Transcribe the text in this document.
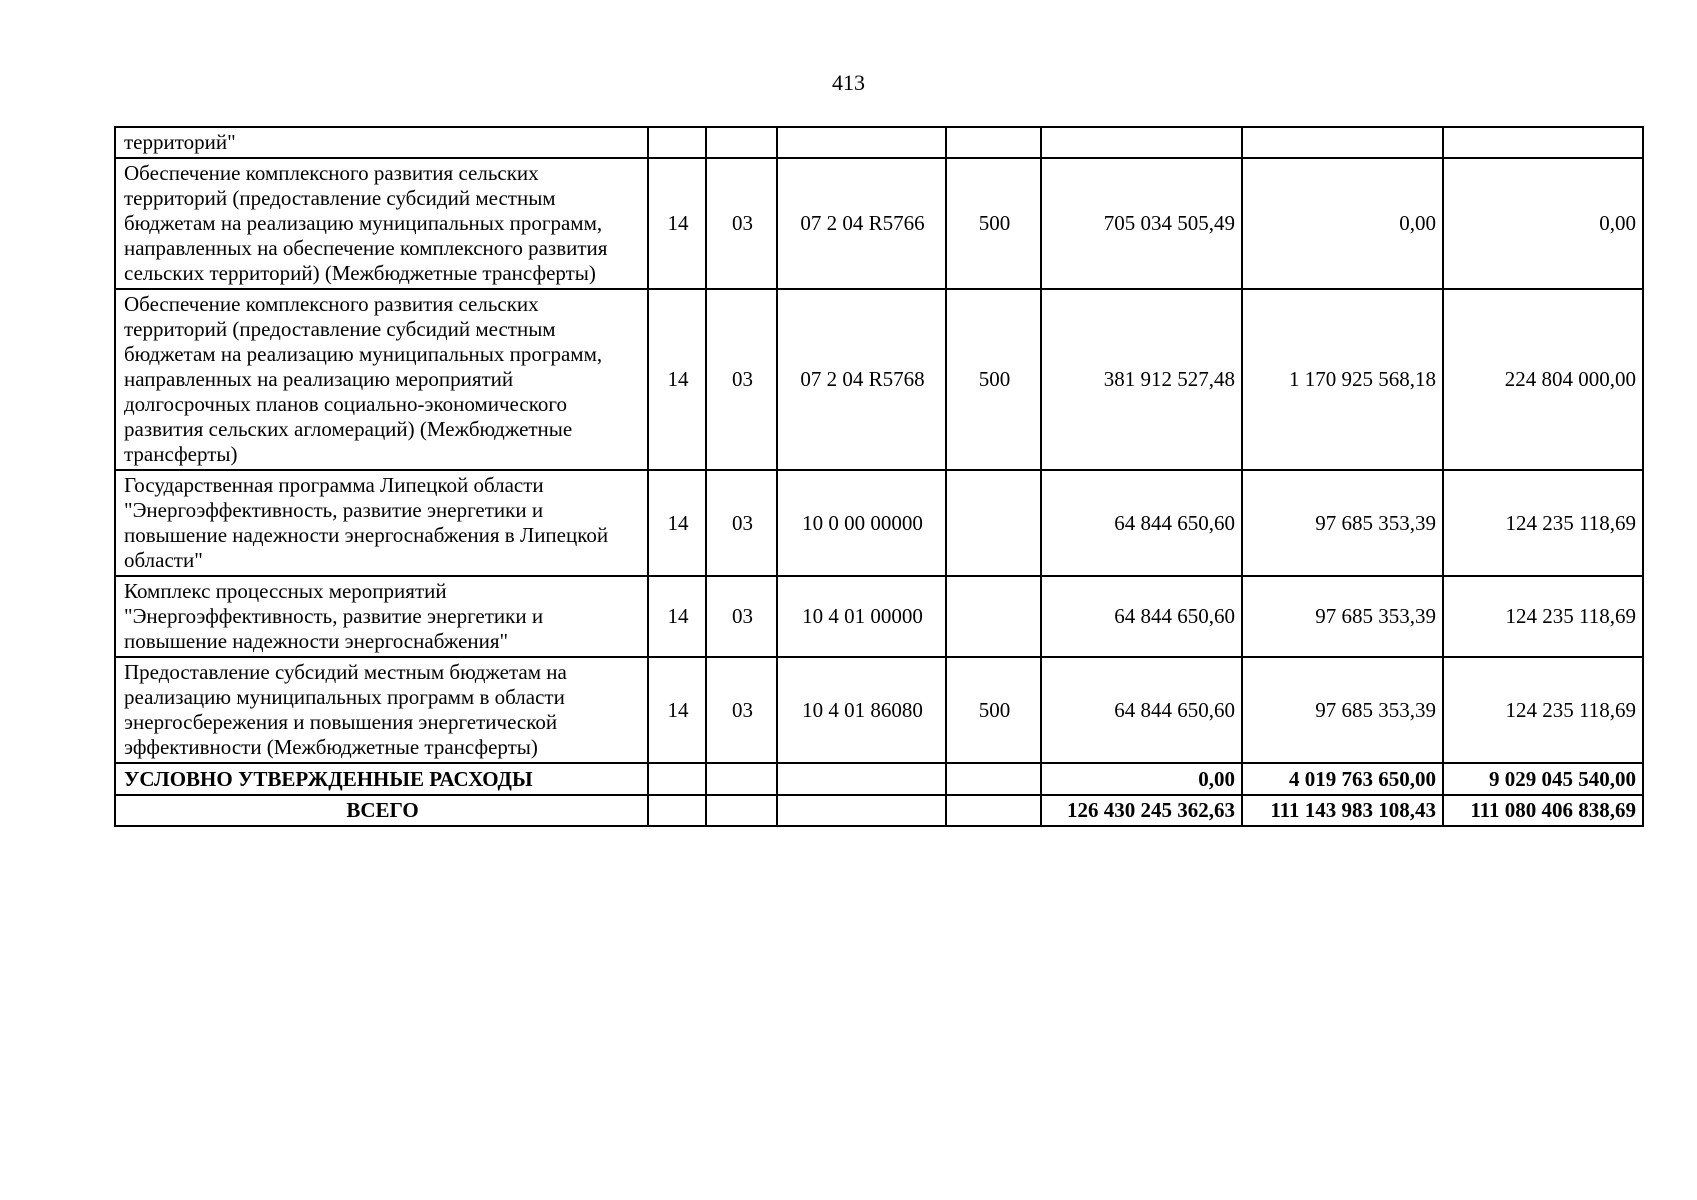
413
территорий"							
Обеспечение комплексного развития сельских территорий (предоставление субсидий местным бюджетам на реализацию муниципальных программ, направленных на обеспечение комплексного развития сельских территорий) (Межбюджетные трансферты)	14	03	07 2 04 R5766	500	705 034 505,49	0,00	0,00
Обеспечение комплексного развития сельских территорий (предоставление субсидий местным бюджетам на реализацию муниципальных программ, направленных на реализацию мероприятий долгосрочных планов социально-экономического развития сельских агломераций) (Межбюджетные трансферты)	14	03	07 2 04 R5768	500	381 912 527,48	1 170 925 568,18	224 804 000,00
Государственная программа Липецкой области "Энергоэффективность, развитие энергетики и повышение надежности энергоснабжения в Липецкой области"	14	03	10 0 00 00000		64 844 650,60	97 685 353,39	124 235 118,69
Комплекс процессных мероприятий "Энергоэффективность, развитие энергетики и повышение надежности энергоснабжения"	14	03	10 4 01 00000		64 844 650,60	97 685 353,39	124 235 118,69
Предоставление субсидий местным бюджетам на реализацию муниципальных программ в области энергосбережения и повышения энергетической эффективности (Межбюджетные трансферты)	14	03	10 4 01 86080	500	64 844 650,60	97 685 353,39	124 235 118,69
УСЛОВНО УТВЕРЖДЕННЫЕ РАСХОДЫ					0,00	4 019 763 650,00	9 029 045 540,00
ВСЕГО					126 430 245 362,63	111 143 983 108,43	111 080 406 838,69
